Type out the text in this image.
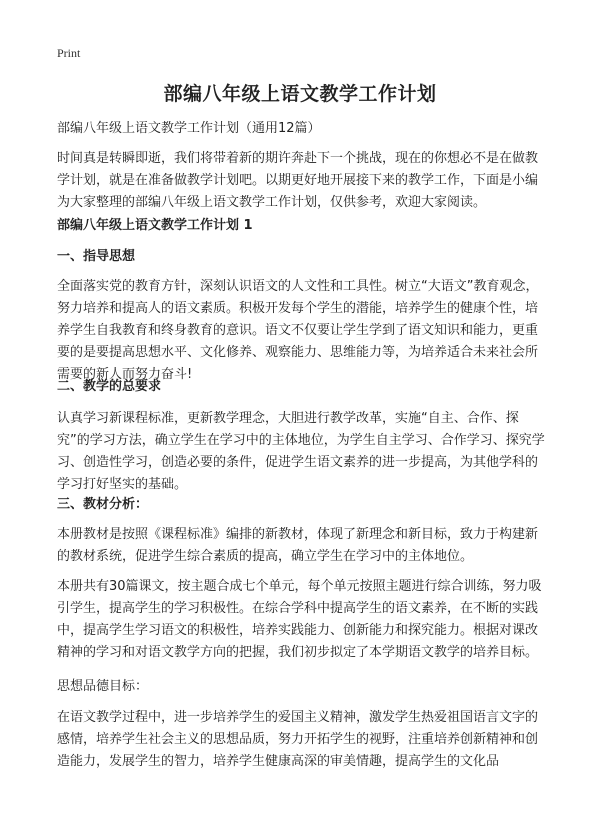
Print
部编八年级上语文教学工作计划
部编八年级上语文教学工作计划（通用12篇）
时间真是转瞬即逝，我们将带着新的期许奔赴下一个挑战，现在的你想必不是在做教学计划，就是在准备做教学计划吧。以期更好地开展接下来的教学工作，下面是小编为大家整理的部编八年级上语文教学工作计划，仅供参考，欢迎大家阅读。
部编八年级上语文教学工作计划 1
一、指导思想
全面落实党的教育方针，深刻认识语文的人文性和工具性。树立“大语文”教育观念，努力培养和提高人的语文素质。积极开发每个学生的潜能，培养学生的健康个性，培养学生自我教育和终身教育的意识。语文不仅要让学生学到了语文知识和能力，更重要的是要提高思想水平、文化修养、观察能力、思维能力等，为培养适合未来社会所需要的新人而努力奋斗!
二、教学的总要求
认真学习新课程标准，更新教学理念，大胆进行教学改革，实施“自主、合作、探究”的学习方法，确立学生在学习中的主体地位，为学生自主学习、合作学习、探究学习、创造性学习，创造必要的条件，促进学生语文素养的进一步提高，为其他学科的学习打好坚实的基础。
三、教材分析：
本册教材是按照《课程标准》编排的新教材，体现了新理念和新目标，致力于构建新的教材系统，促进学生综合素质的提高，确立学生在学习中的主体地位。
本册共有30篇课文，按主题合成七个单元，每个单元按照主题进行综合训练，努力吸引学生，提高学生的学习积极性。在综合学科中提高学生的语文素养，在不断的实践中，提高学生学习语文的积极性，培养实践能力、创新能力和探究能力。根据对课改精神的学习和对语文教学方向的把握，我们初步拟定了本学期语文教学的培养目标。
思想品德目标：
在语文教学过程中，进一步培养学生的爱国主义精神，激发学生热爱祖国语言文字的感情，培养学生社会主义的思想品质，努力开拓学生的视野，注重培养创新精神和创造能力，发展学生的智力，培养学生健康高深的审美情趣，提高学生的文化品
